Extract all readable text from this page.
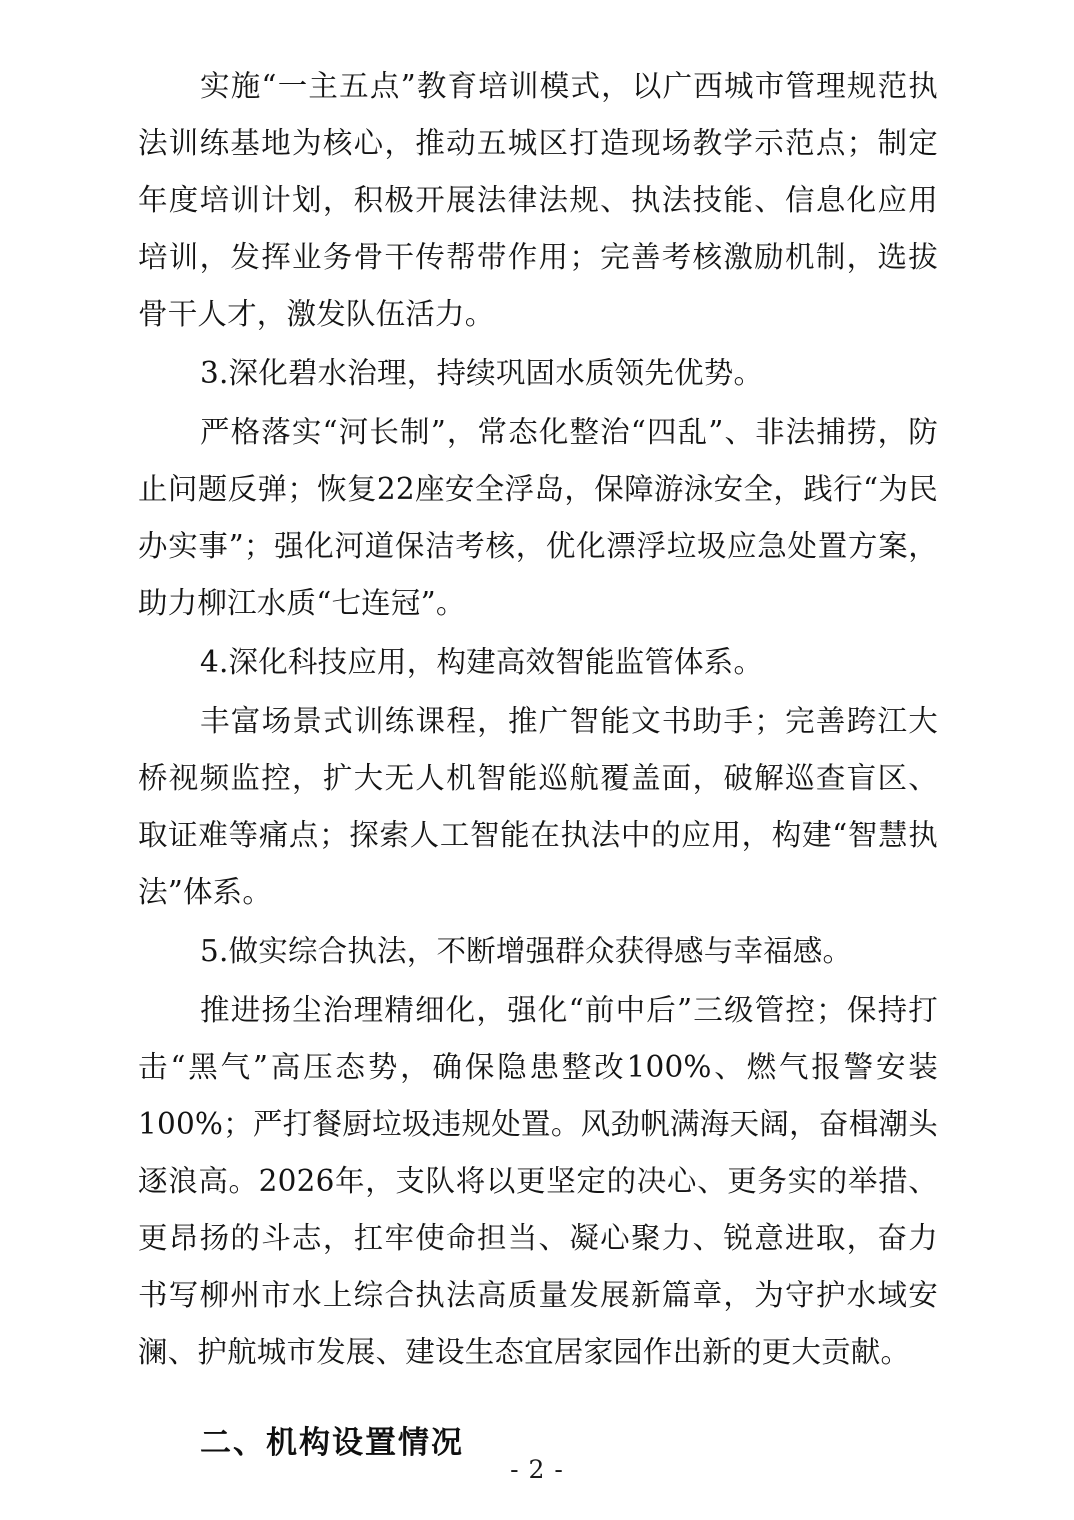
实施“一主五点”教育培训模式，以广西城市管理规范执法训练基地为核心，推动五城区打造现场教学示范点；制定年度培训计划，积极开展法律法规、执法技能、信息化应用培训，发挥业务骨干传帮带作用；完善考核激励机制，选拔骨干人才，激发队伍活力。

3.深化碧水治理，持续巩固水质领先优势。

严格落实“河长制”，常态化整治“四乱”、非法捕捞，防止问题反弹；恢复22座安全浮岛，保障游泳安全，践行“为民办实事”；强化河道保洁考核，优化漂浮垃圾应急处置方案，助力柳江水质“七连冠”。

4.深化科技应用，构建高效智能监管体系。

丰富场景式训练课程，推广智能文书助手；完善跨江大桥视频监控，扩大无人机智能巡航覆盖面，破解巡查盲区、取证难等痛点；探索人工智能在执法中的应用，构建“智慧执法”体系。

5.做实综合执法，不断增强群众获得感与幸福感。

推进扬尘治理精细化，强化“前中后”三级管控；保持打击“黑气”高压态势，确保隐患整改100%、燃气报警安装100%；严打餐厨垃圾违规处置。风劲帆满海天阔，奋楫潮头逐浪高。2026年，支队将以更坚定的决心、更务实的举措、更昂扬的斗志，扛牢使命担当、凝心聚力、锐意进取，奋力书写柳州市水上综合执法高质量发展新篇章，为守护水域安澜、护航城市发展、建设生态宜居家园作出新的更大贡献。

二、机构设置情况

- 2 -
